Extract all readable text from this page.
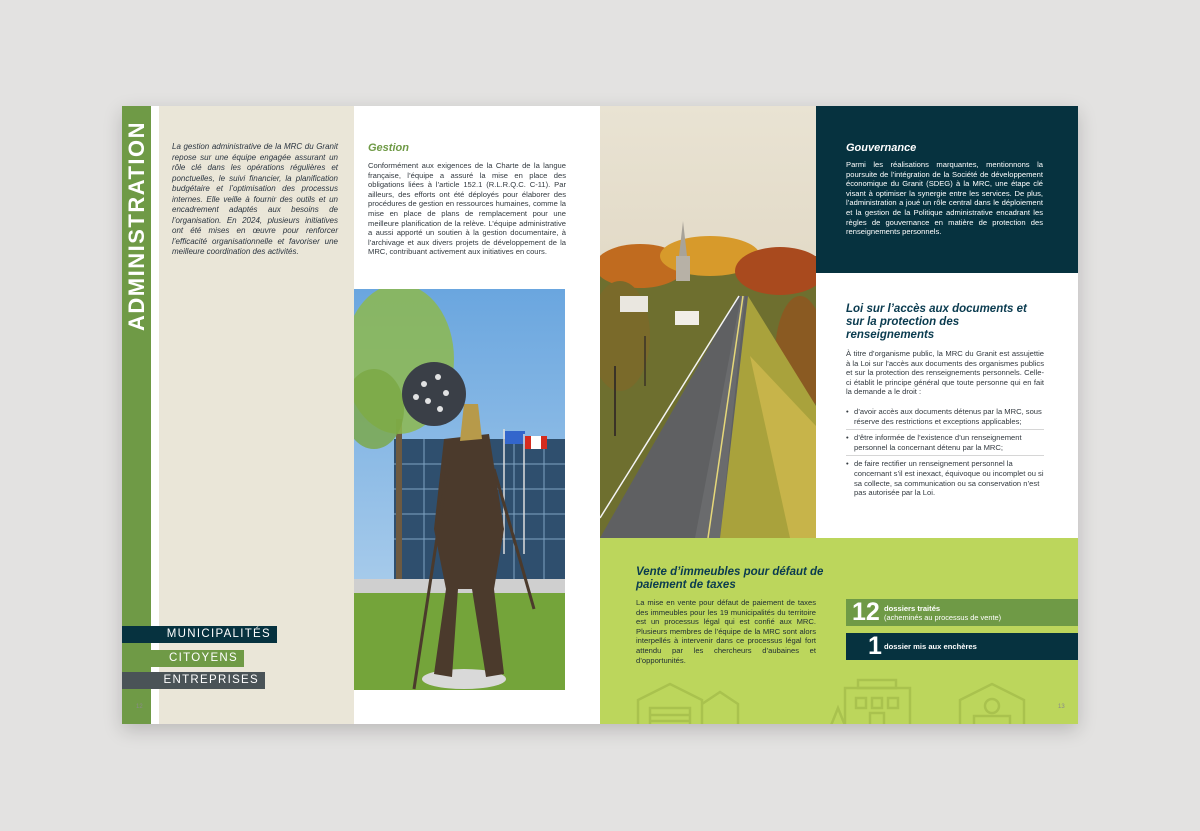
ADMINISTRATION	La gestion administrative de la MRC du Granit repose sur une équipe engagée assurant un rôle clé dans les opérations régulières et ponctuelles, le suivi financier, la planification budgétaire et l’optimisation des processus internes. Elle veille à fournir des outils et un encadrement adaptés aux besoins de l’organisation. En 2024, plusieurs initiatives ont été mises en œuvre pour renforcer l’efficacité organisationnelle et favoriser une meilleure coordination des activités.

MUNICIPALITÉS
CITOYENS
ENTREPRISES
12

Gestion

Conformément aux exigences de la Charte de la langue française, l’équipe a assuré la mise en place des obligations liées à l’article 152.1 (R.L.R.Q.C. C-11). Par ailleurs, des efforts ont été déployés pour élaborer des procédures de gestion en ressources humaines, comme la mise en place de plans de remplacement pour une meilleure planification de la relève. L’équipe administrative a aussi apporté un soutien à la gestion documentaire, à l’archivage et aux divers projets de développement de la MRC, contribuant activement aux initiatives en cours.

Gouvernance

Parmi les réalisations marquantes, mentionnons la poursuite de l’intégration de la Société de développement économique du Granit (SDEG) à la MRC, une étape clé visant à optimiser la synergie entre les services. De plus, l’administration a joué un rôle central dans le déploiement et la gestion de la Politique administrative encadrant les règles de gouvernance en matière de protection des renseignements personnels.

Loi sur l’accès aux documents et sur la protection des renseignements

À titre d’organisme public, la MRC du Granit est assujettie à la Loi sur l’accès aux documents des organismes publics et sur la protection des renseignements personnels. Celle-ci établit le principe général que toute personne qui en fait la demande a le droit :

• d’avoir accès aux documents détenus par la MRC, sous réserve des restrictions et exceptions applicables;
• d’être informée de l’existence d’un renseignement personnel la concernant détenu par la MRC;
• de faire rectifier un renseignement personnel la concernant s’il est inexact, équivoque ou incomplet ou si sa collecte, sa communication ou sa conservation n’est pas autorisée par la Loi.

Vente d’immeubles pour défaut de paiement de taxes

La mise en vente pour défaut de paiement de taxes des immeubles pour les 19 municipalités du territoire est un processus légal qui est confié aux MRC. Plusieurs membres de l’équipe de la MRC sont alors interpellés à intervenir dans ce processus légal fort attendu par les chercheurs d’aubaines et d’opportunités.

12 dossiers traités
(acheminés au processus de vente)
1 dossier mis aux enchères
13
